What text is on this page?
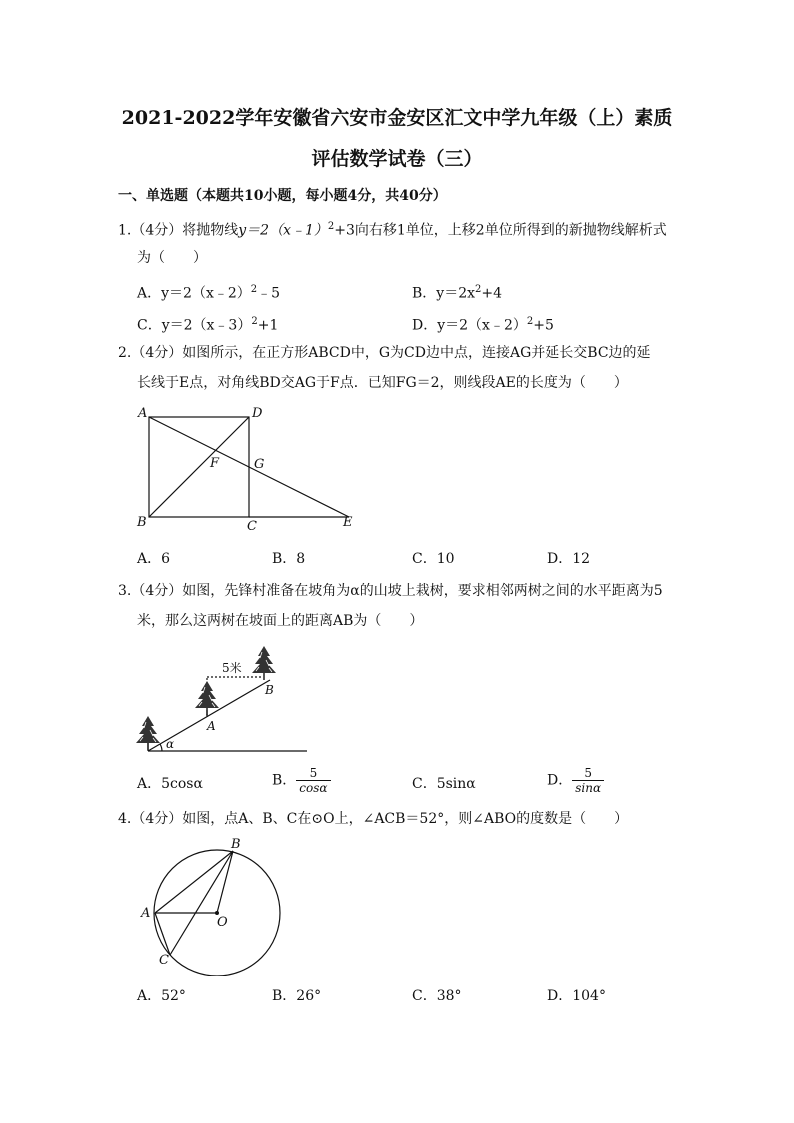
2021-2022学年安徽省六安市金安区汇文中学九年级（上）素质
评估数学试卷（三）
一、单选题（本题共10小题，每小题4分，共40分）
1.（4分）将抛物线y＝2（x﹣1）$^2$+3向右移1单位，上移2单位所得到的新抛物线解析式
为（　　）
A．y＝2（x﹣2）$^2$﹣5	B．$y=2x^2+4$
C．y＝2（x﹣3）$^2$+1	D．y＝2（x﹣2）$^2$+5
2.（4分）如图所示，在正方形ABCD中，G为CD边中点，连接AG并延长交BC边的延
长线于E点，对角线BD交AG于F点．已知FG＝2，则线段AE的长度为（　　）
A	D
B	C	E
F	G
A．6	B．8	C．10	D．12
3.（4分）如图，先锋村准备在坡角为α的山坡上栽树，要求相邻两树之间的水平距离为5
米，那么这两树在坡面上的距离AB为（　　）
5米
B
A
α
A．5cosα	B． $\frac{5}{\cos\alpha}$	C．5sinα	D． $\frac{5}{\sin\alpha}$
4.（4分）如图，点A、B、C在⊙O上，∠ACB＝52°，则∠ABO的度数是（　　）
B
A
O
C
A．52°	B．26°	C．38°	D．104°
